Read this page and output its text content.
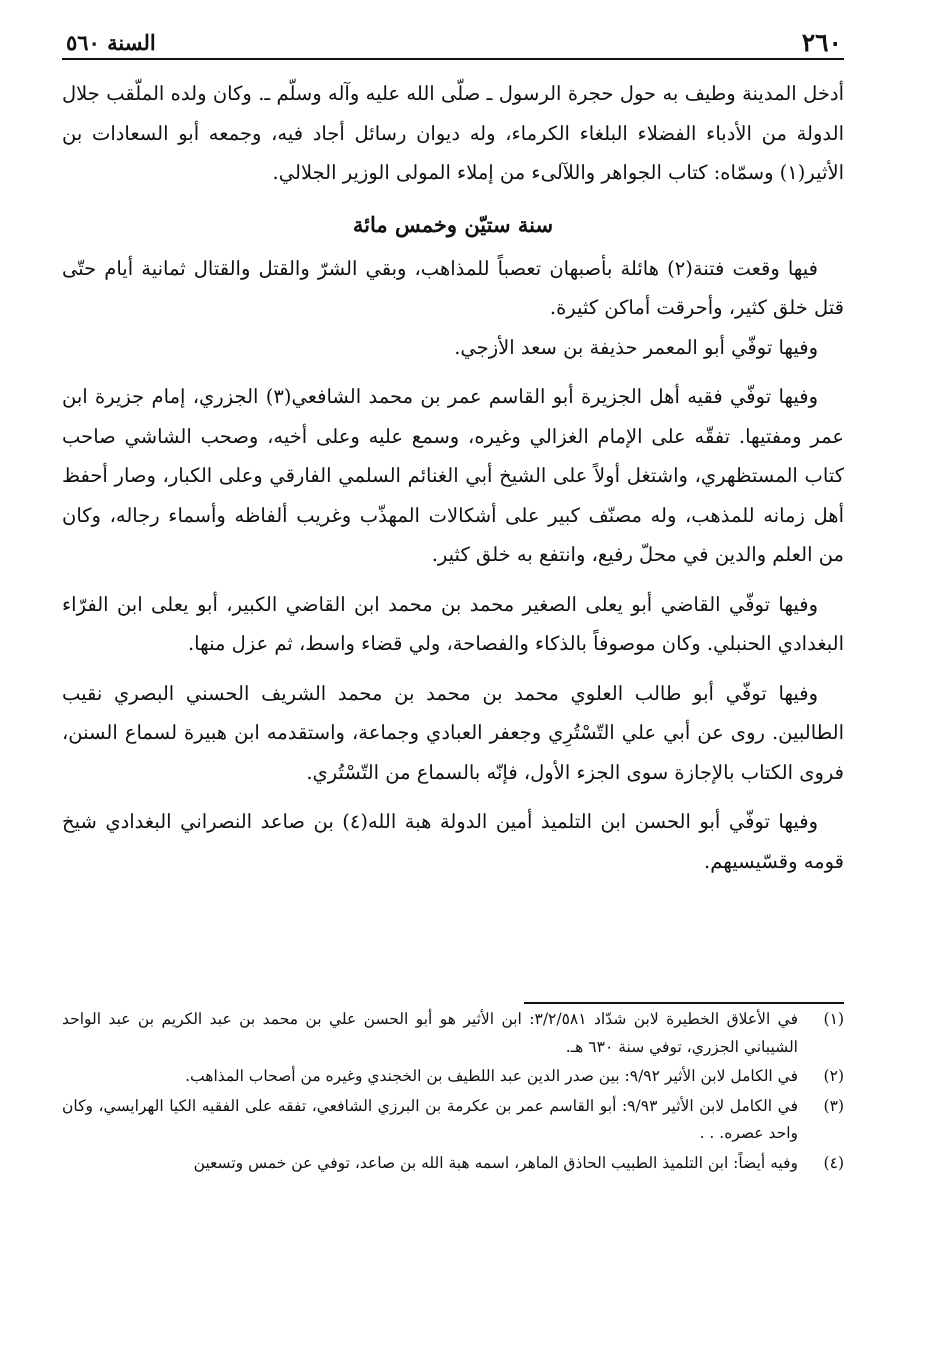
٢٦٠
السنة ٥٦٠

أدخل المدينة وطيف به حول حجرة الرسول ـ صلّى الله عليه وآله وسلّم ـ. وكان ولده الملّقب جلال الدولة من الأدباء الفضلاء البلغاء الكرماء، وله ديوان رسائل أجاد فيه، وجمعه أبو السعادات بن الأثير(١) وسمّاه: كتاب الجواهر واللآلىء من إملاء المولى الوزير الجلالي.

سنة ستيّن وخمس مائة

فيها وقعت فتنة(٢) هائلة بأصبهان تعصباً للمذاهب، وبقي الشرّ والقتل والقتال ثمانية أيام حتّى قتل خلق كثير، وأحرقت أماكن كثيرة.

وفيها توفّي أبو المعمر حذيفة بن سعد الأزجي.

وفيها توفّي فقيه أهل الجزيرة أبو القاسم عمر بن محمد الشافعي(٣) الجزري، إمام جزيرة ابن عمر ومفتيها. تفقّه على الإمام الغزالي وغيره، وسمع عليه وعلى أخيه، وصحب الشاشي صاحب كتاب المستظهري، واشتغل أولاً على الشيخ أبي الغنائم السلمي الفارقي وعلى الكبار، وصار أحفظ أهل زمانه للمذهب، وله مصنّف كبير على أشكالات المهذّب وغريب ألفاظه وأسماء رجاله، وكان من العلم والدين في محلّ رفيع، وانتفع به خلق كثير.

وفيها توفّي القاضي أبو يعلى الصغير محمد بن محمد ابن القاضي الكبير، أبو يعلى ابن الفرّاء البغدادي الحنبلي. وكان موصوفاً بالذكاء والفصاحة، ولي قضاء واسط، ثم عزل منها.

وفيها توفّي أبو طالب العلوي محمد بن محمد بن محمد الشريف الحسني البصري نقيب الطالبين. روى عن أبي علي التّسْتُرِي وجعفر العبادي وجماعة، واستقدمه ابن هبيرة لسماع السنن، فروى الكتاب بالإجازة سوى الجزء الأول، فإنّه بالسماع من التّسْتُري.

وفيها توفّي أبو الحسن ابن التلميذ أمين الدولة هبة الله(٤) بن صاعد النصراني البغدادي شيخ قومه وقسّيسيهم.

(١)
في الأعلاق الخطيرة لابن شدّاد ٣/٢/٥٨١: ابن الأثير هو أبو الحسن علي بن محمد بن عبد الكريم بن عبد الواحد الشيباني الجزري، توفي سنة ٦٣٠ هـ.
(٢)
في الكامل لابن الأثير ٩/٩٢: بين صدر الدين عبد اللطيف بن الخجندي وغيره من أصحاب المذاهب.
(٣)
في الكامل لابن الأثير ٩/٩٣: أبو القاسم عمر بن عكرمة بن البرزي الشافعي، تفقه على الفقيه الكيا الهرايسي، وكان واحد عصره. . .
(٤)
وفيه أيضاً: ابن التلميذ الطبيب الحاذق الماهر، اسمه هبة الله بن صاعد، توفي عن خمس وتسعين
